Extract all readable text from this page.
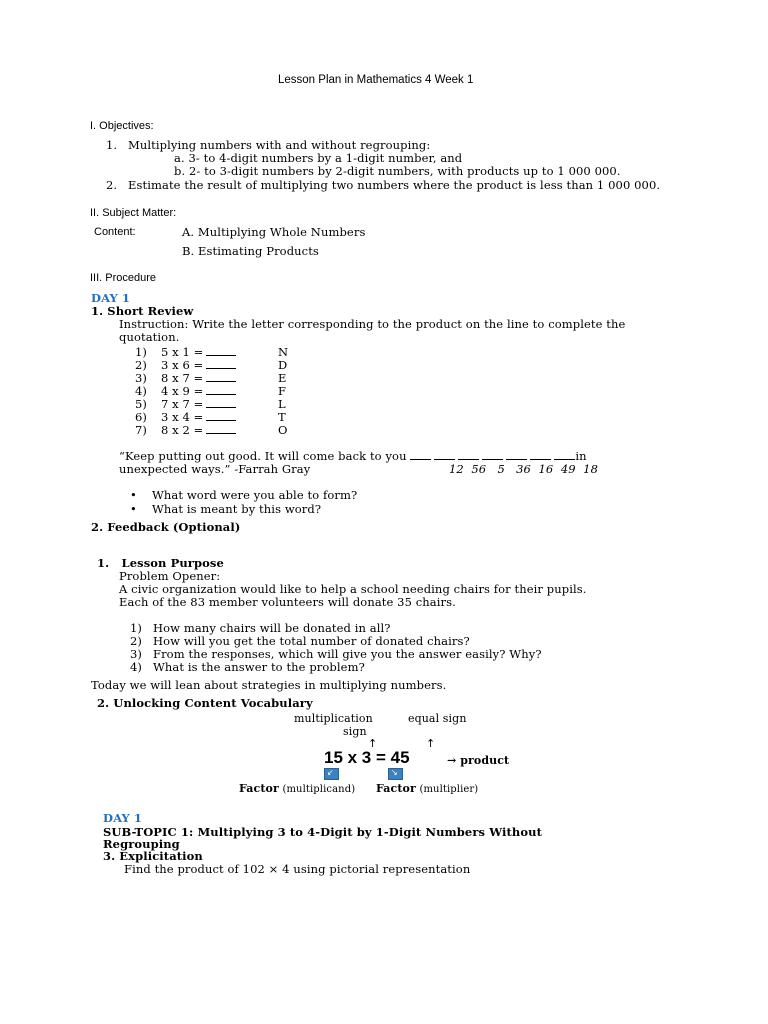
Lesson Plan in Mathematics 4 Week 1
I. Objectives:
1. Multiplying numbers with and without regrouping:
a. 3- to 4-digit numbers by a 1-digit number, and
b. 2- to 3-digit numbers by 2-digit numbers, with products up to 1 000 000.
2. Estimate the result of multiplying two numbers where the product is less than 1 000 000.
II. Subject Matter:
Content:	A. Multiplying Whole Numbers
B. Estimating Products
III. Procedure
DAY 1
1. Short Review
Instruction: Write the letter corresponding to the product on the line to complete the
quotation.
1) 5 x 1 =	N
2) 3 x 6 =	D
3) 8 x 7 =	E
4) 4 x 9 =	F
5) 7 x 7 =	L
6) 3 x 4 =	T
7) 8 x 2 =	O
“Keep putting out good. It will come back to you	in
unexpected ways.” -Farrah Gray	12  56   5   36  16  49  18
• What word were you able to form?
• What is meant by this word?
2. Feedback (Optional)
1.   Lesson Purpose
Problem Opener:
A civic organization would like to help a school needing chairs for their pupils.
Each of the 83 member volunteers will donate 35 chairs.
1) How many chairs will be donated in all?
2) How will you get the total number of donated chairs?
3) From the responses, which will give you the answer easily? Why?
4) What is the answer to the problem?
Today we will lean about strategies in multiplying numbers.
2. Unlocking Content Vocabulary
multiplication	equal sign
sign
↑	↑
15 x 3 = 45	→ product
↙	↘
Factor (multiplicand) Factor (multiplier)
DAY 1
SUB-TOPIC 1: Multiplying 3 to 4-Digit by 1-Digit Numbers Without
Regrouping
3. Explicitation
Find the product of 102 × 4 using pictorial representation
